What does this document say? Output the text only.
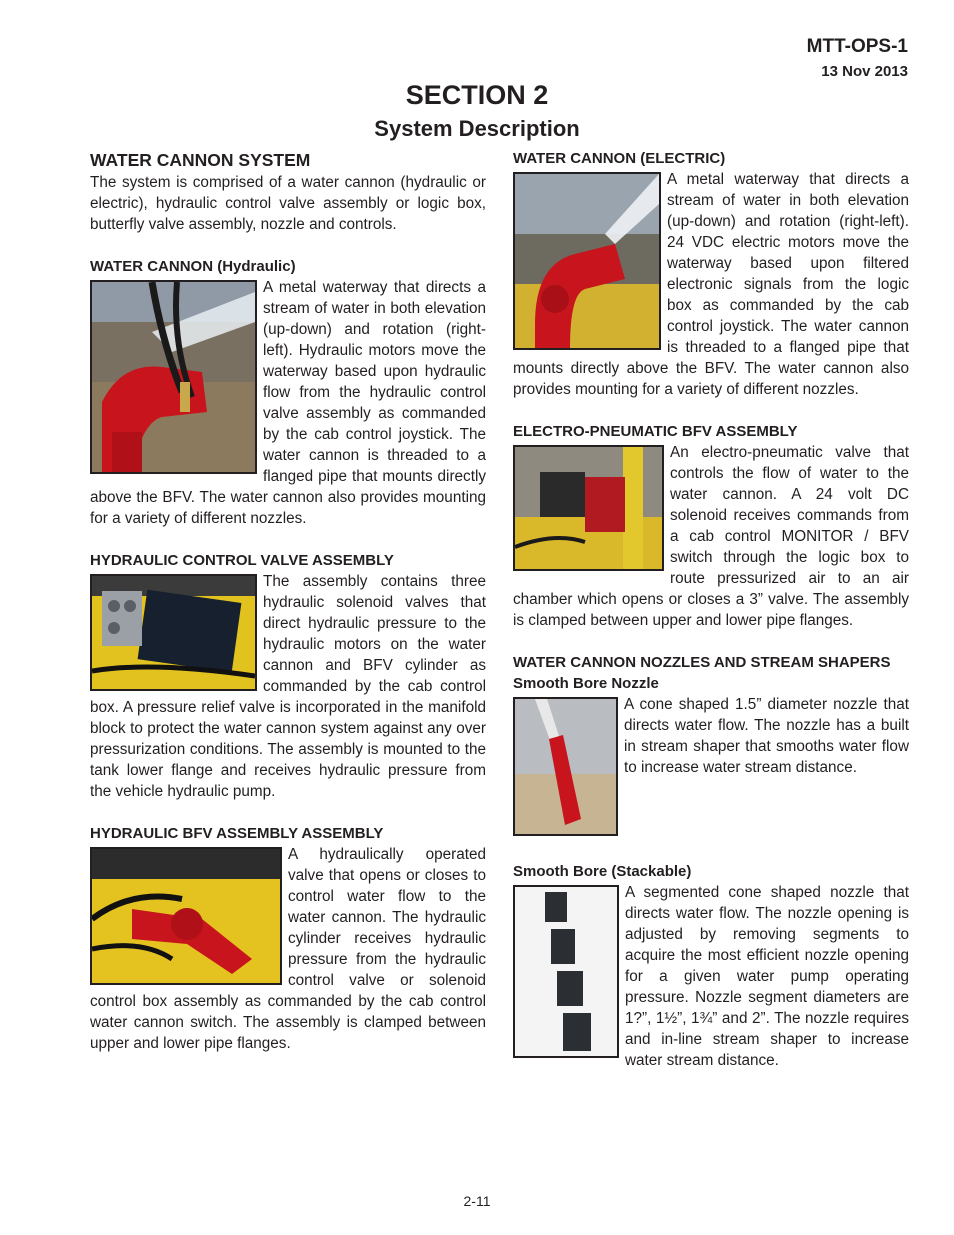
MTT-OPS-1
13 Nov 2013
SECTION 2
System Description
WATER CANNON SYSTEM

The system is comprised of a water cannon (hydraulic or electric), hydraulic control valve assembly or logic box, butterfly valve assembly, nozzle and controls.

WATER CANNON (Hydraulic)

A metal waterway that directs a stream of water in both elevation (up-down) and rotation (right-left). Hydraulic motors move the waterway based upon hydraulic flow from the hydraulic control valve assembly as commanded by the cab control joystick. The water cannon is threaded to a flanged pipe that mounts directly above the BFV. The water cannon also provides mounting for a variety of different nozzles.

HYDRAULIC CONTROL VALVE ASSEMBLY

The assembly contains three hydraulic solenoid valves that direct hydraulic pressure to the hydraulic motors on the water cannon and BFV cylinder as commanded by the cab control box. A pressure relief valve is incorporated in the manifold block to protect the water cannon system against any over pressurization conditions. The assembly is mounted to the tank lower flange and receives hydraulic pressure from the vehicle hydraulic pump.

HYDRAULIC BFV ASSEMBLY ASSEMBLY

A hydraulically operated valve that opens or closes to control water flow to the water cannon. The hydraulic cylinder receives hydraulic pressure from the hydraulic control valve or solenoid control box assembly as commanded by the cab control water cannon switch. The assembly is clamped between upper and lower pipe flanges.

WATER CANNON (ELECTRIC)

A metal waterway that directs a stream of water in both elevation (up-down) and rotation (right-left). 24 VDC electric motors move the waterway based upon filtered electronic signals from the logic box as commanded by the cab control joystick. The water cannon is threaded to a flanged pipe that mounts directly above the BFV. The water cannon also provides mounting for a variety of different nozzles.

ELECTRO-PNEUMATIC BFV ASSEMBLY

An electro-pneumatic valve that controls the flow of water to the water cannon. A 24 volt DC solenoid receives commands from a cab control MONITOR / BFV switch through the logic box to route pressurized air to an air chamber which opens or closes a 3” valve. The assembly is clamped between upper and lower pipe flanges.

WATER CANNON NOZZLES AND STREAM SHAPERS
Smooth Bore Nozzle

A cone shaped 1.5” diameter nozzle that directs water flow. The nozzle has a built in stream shaper that smooths water flow to increase water stream distance.

Smooth Bore (Stackable)

A segmented cone shaped nozzle that directs water flow. The nozzle opening is adjusted by removing segments to acquire the most efficient nozzle opening for a given water pump operating pressure. Nozzle segment diameters are 1?”, 1½”, 1¾” and 2”. The nozzle requires and in-line stream shaper to increase water stream distance.

2-11
